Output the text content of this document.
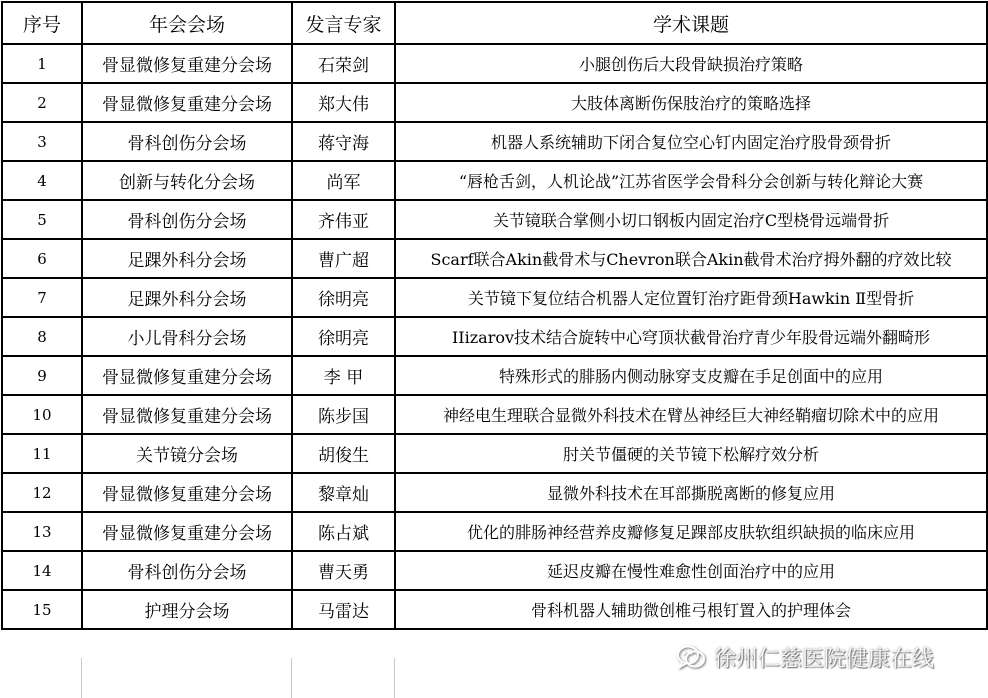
序号	年会会场	发言专家	学术课题
1	骨显微修复重建分会场	石荣剑	小腿创伤后大段骨缺损治疗策略
2	骨显微修复重建分会场	郑大伟	大肢体离断伤保肢治疗的策略选择
3	骨科创伤分会场	蒋守海	机器人系统辅助下闭合复位空心钉内固定治疗股骨颈骨折
4	创新与转化分会场	尚军	“唇枪舌剑，人机论战”江苏省医学会骨科分会创新与转化辩论大赛
5	骨科创伤分会场	齐伟亚	关节镜联合掌侧小切口钢板内固定治疗C型桡骨远端骨折
6	足踝外科分会场	曹广超	Scarf联合Akin截骨术与Chevron联合Akin截骨术治疗拇外翻的疗效比较
7	足踝外科分会场	徐明亮	关节镜下复位结合机器人定位置钉治疗距骨颈Hawkin Ⅱ型骨折
8	小儿骨科分会场	徐明亮	IIizarov技术结合旋转中心穹顶状截骨治疗青少年股骨远端外翻畸形
9	骨显微修复重建分会场	李 甲	特殊形式的腓肠内侧动脉穿支皮瓣在手足创面中的应用
10	骨显微修复重建分会场	陈步国	神经电生理联合显微外科技术在臂丛神经巨大神经鞘瘤切除术中的应用
11	关节镜分会场	胡俊生	肘关节僵硬的关节镜下松解疗效分析
12	骨显微修复重建分会场	黎章灿	显微外科技术在耳部撕脱离断的修复应用
13	骨显微修复重建分会场	陈占斌	优化的腓肠神经营养皮瓣修复足踝部皮肤软组织缺损的临床应用
14	骨科创伤分会场	曹天勇	延迟皮瓣在慢性难愈性创面治疗中的应用
15	护理分会场	马雷达	骨科机器人辅助微创椎弓根钉置入的护理体会
徐州仁慈医院健康在线
